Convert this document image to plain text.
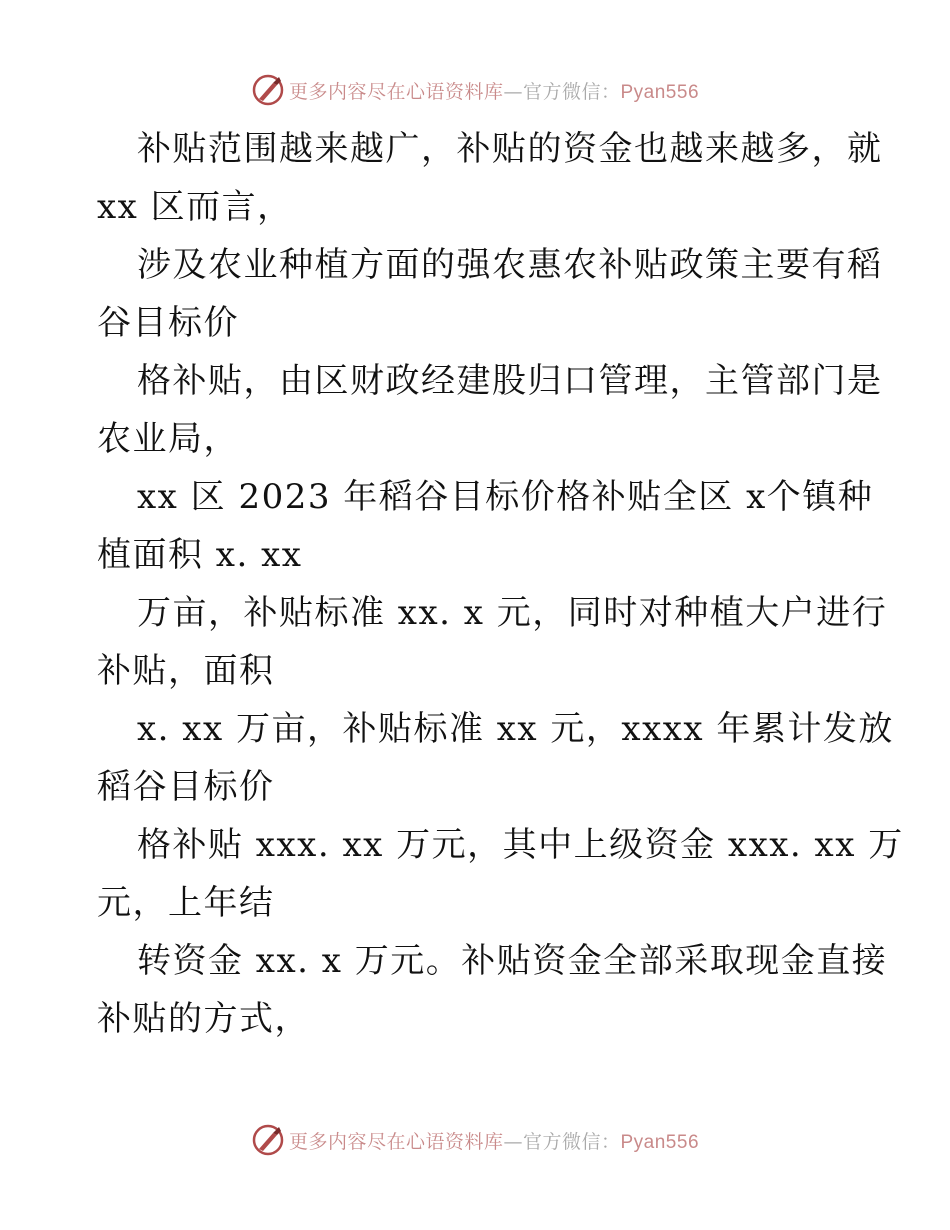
更多内容尽在心语资料库—官方微信：Pyan556
补贴范围越来越广，补贴的资金也越来越多，就
xx 区而言，
涉及农业种植方面的强农惠农补贴政策主要有稻
谷目标价
格补贴，由区财政经建股归口管理，主管部门是
农业局，
xx 区 2023 年稻谷目标价格补贴全区 x个镇种
植面积 x. xx
万亩，补贴标准 xx. x 元，同时对种植大户进行
补贴，面积
x. xx 万亩，补贴标准 xx 元，xxxx 年累计发放
稻谷目标价
格补贴 xxx. xx 万元，其中上级资金 xxx. xx 万
元，上年结
转资金 xx. x 万元。补贴资金全部采取现金直接
补贴的方式，
更多内容尽在心语资料库—官方微信：Pyan556
